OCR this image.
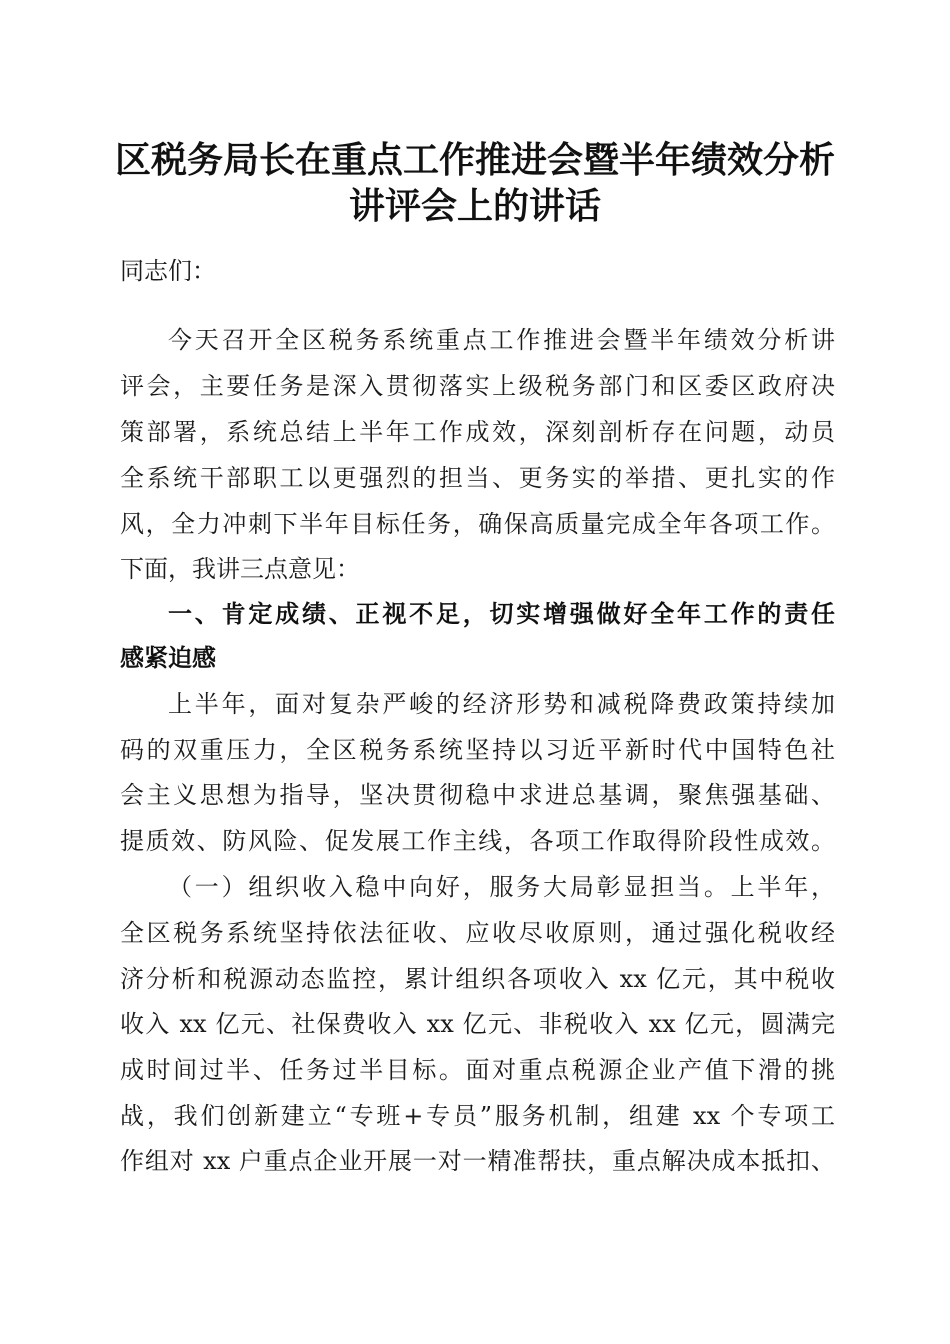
区税务局长在重点工作推进会暨半年绩效分析
讲评会上的讲话
同志们：
今天召开全区税务系统重点工作推进会暨半年绩效分析讲
评会，主要任务是深入贯彻落实上级税务部门和区委区政府决
策部署，系统总结上半年工作成效，深刻剖析存在问题，动员
全系统干部职工以更强烈的担当、更务实的举措、更扎实的作
风，全力冲刺下半年目标任务，确保高质量完成全年各项工作。
下面，我讲三点意见：
一、肯定成绩、正视不足，切实增强做好全年工作的责任
感紧迫感
上半年，面对复杂严峻的经济形势和减税降费政策持续加
码的双重压力，全区税务系统坚持以习近平新时代中国特色社
会主义思想为指导，坚决贯彻稳中求进总基调，聚焦强基础、
提质效、防风险、促发展工作主线，各项工作取得阶段性成效。
（一）组织收入稳中向好，服务大局彰显担当。上半年，
全区税务系统坚持依法征收、应收尽收原则，通过强化税收经
济分析和税源动态监控，累计组织各项收入 xx 亿元，其中税收
收入 xx 亿元、社保费收入 xx 亿元、非税收入 xx 亿元，圆满完
成时间过半、任务过半目标。面对重点税源企业产值下滑的挑
战，我们创新建立“专班+专员”服务机制，组建 xx 个专项工
作组对 xx 户重点企业开展一对一精准帮扶，重点解决成本抵扣、
